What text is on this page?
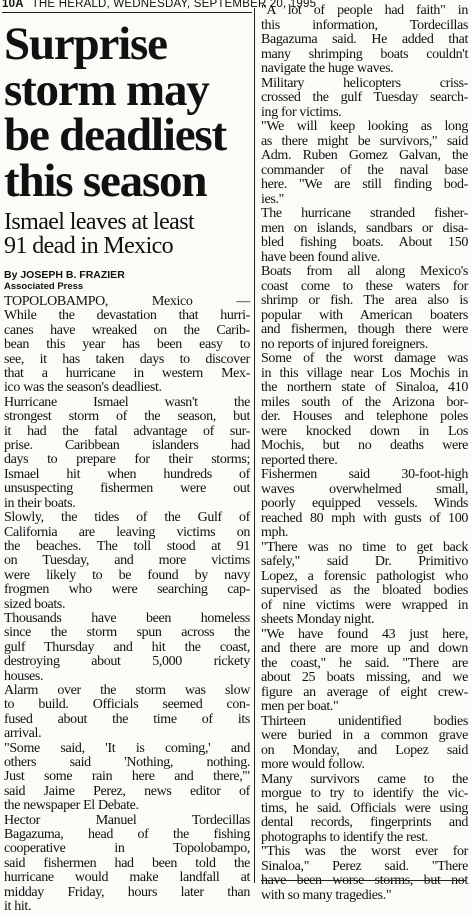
10A THE HERALD, WEDNESDAY, SEPTEMBER 20, 1995
Surprise
storm may
be deadliest
this season
Ismael leaves at least
91 dead in Mexico

By JOSEPH B. FRAZIER

Associated Press

TOPOLOBAMPO, Mexico —
While the devastation that hurri-
canes have wreaked on the Carib-
bean this year has been easy to
see, it has taken days to discover
that a hurricane in western Mex-
ico was the season's deadliest.
Hurricane Ismael wasn't the
strongest storm of the season, but
it had the fatal advantage of sur-
prise. Caribbean islanders had
days to prepare for their storms;
Ismael hit when hundreds of
unsuspecting fishermen were out
in their boats.
Slowly, the tides of the Gulf of
California are leaving victims on
the beaches. The toll stood at 91
on Tuesday, and more victims
were likely to be found by navy
frogmen who were searching cap-
sized boats.
Thousands have been homeless
since the storm spun across the
gulf Thursday and hit the coast,
destroying about 5,000 rickety
houses.
Alarm over the storm was slow
to build. Officials seemed con-
fused about the time of its
arrival.
"Some said, 'It is coming,' and
others said 'Nothing, nothing.
Just some rain here and there,'"
said Jaime Perez, news editor of
the newspaper El Debate.
Hector Manuel Tordecillas
Bagazuma, head of the fishing
cooperative in Topolobampo,
said fishermen had been told the
hurricane would make landfall at
midday Friday, hours later than
it hit.
"A lot of people had faith" in
this information, Tordecillas
Bagazuma said. He added that
many shrimping boats couldn't
navigate the huge waves.
Military helicopters criss-
crossed the gulf Tuesday search-
ing for victims.
"We will keep looking as long
as there might be survivors," said
Adm. Ruben Gomez Galvan, the
commander of the naval base
here. "We are still finding bod-
ies."
The hurricane stranded fisher-
men on islands, sandbars or disa-
bled fishing boats. About 150
have been found alive.
Boats from all along Mexico's
coast come to these waters for
shrimp or fish. The area also is
popular with American boaters
and fishermen, though there were
no reports of injured foreigners.
Some of the worst damage was
in this village near Los Mochis in
the northern state of Sinaloa, 410
miles south of the Arizona bor-
der. Houses and telephone poles
were knocked down in Los
Mochis, but no deaths were
reported there.
Fishermen said 30-foot-high
waves overwhelmed small,
poorly equipped vessels. Winds
reached 80 mph with gusts of 100
mph.
"There was no time to get back
safely," said Dr. Primitivo
Lopez, a forensic pathologist who
supervised as the bloated bodies
of nine victims were wrapped in
sheets Monday night.
"We have found 43 just here,
and there are more up and down
the coast," he said. "There are
about 25 boats missing, and we
figure an average of eight crew-
men per boat."
Thirteen unidentified bodies
were buried in a common grave
on Monday, and Lopez said
more would follow.
Many survivors came to the
morgue to try to identify the vic-
tims, he said. Officials were using
dental records, fingerprints and
photographs to identify the rest.
"This was the worst ever for
Sinaloa," Perez said. "There
have been worse storms, but not
with so many tragedies."
